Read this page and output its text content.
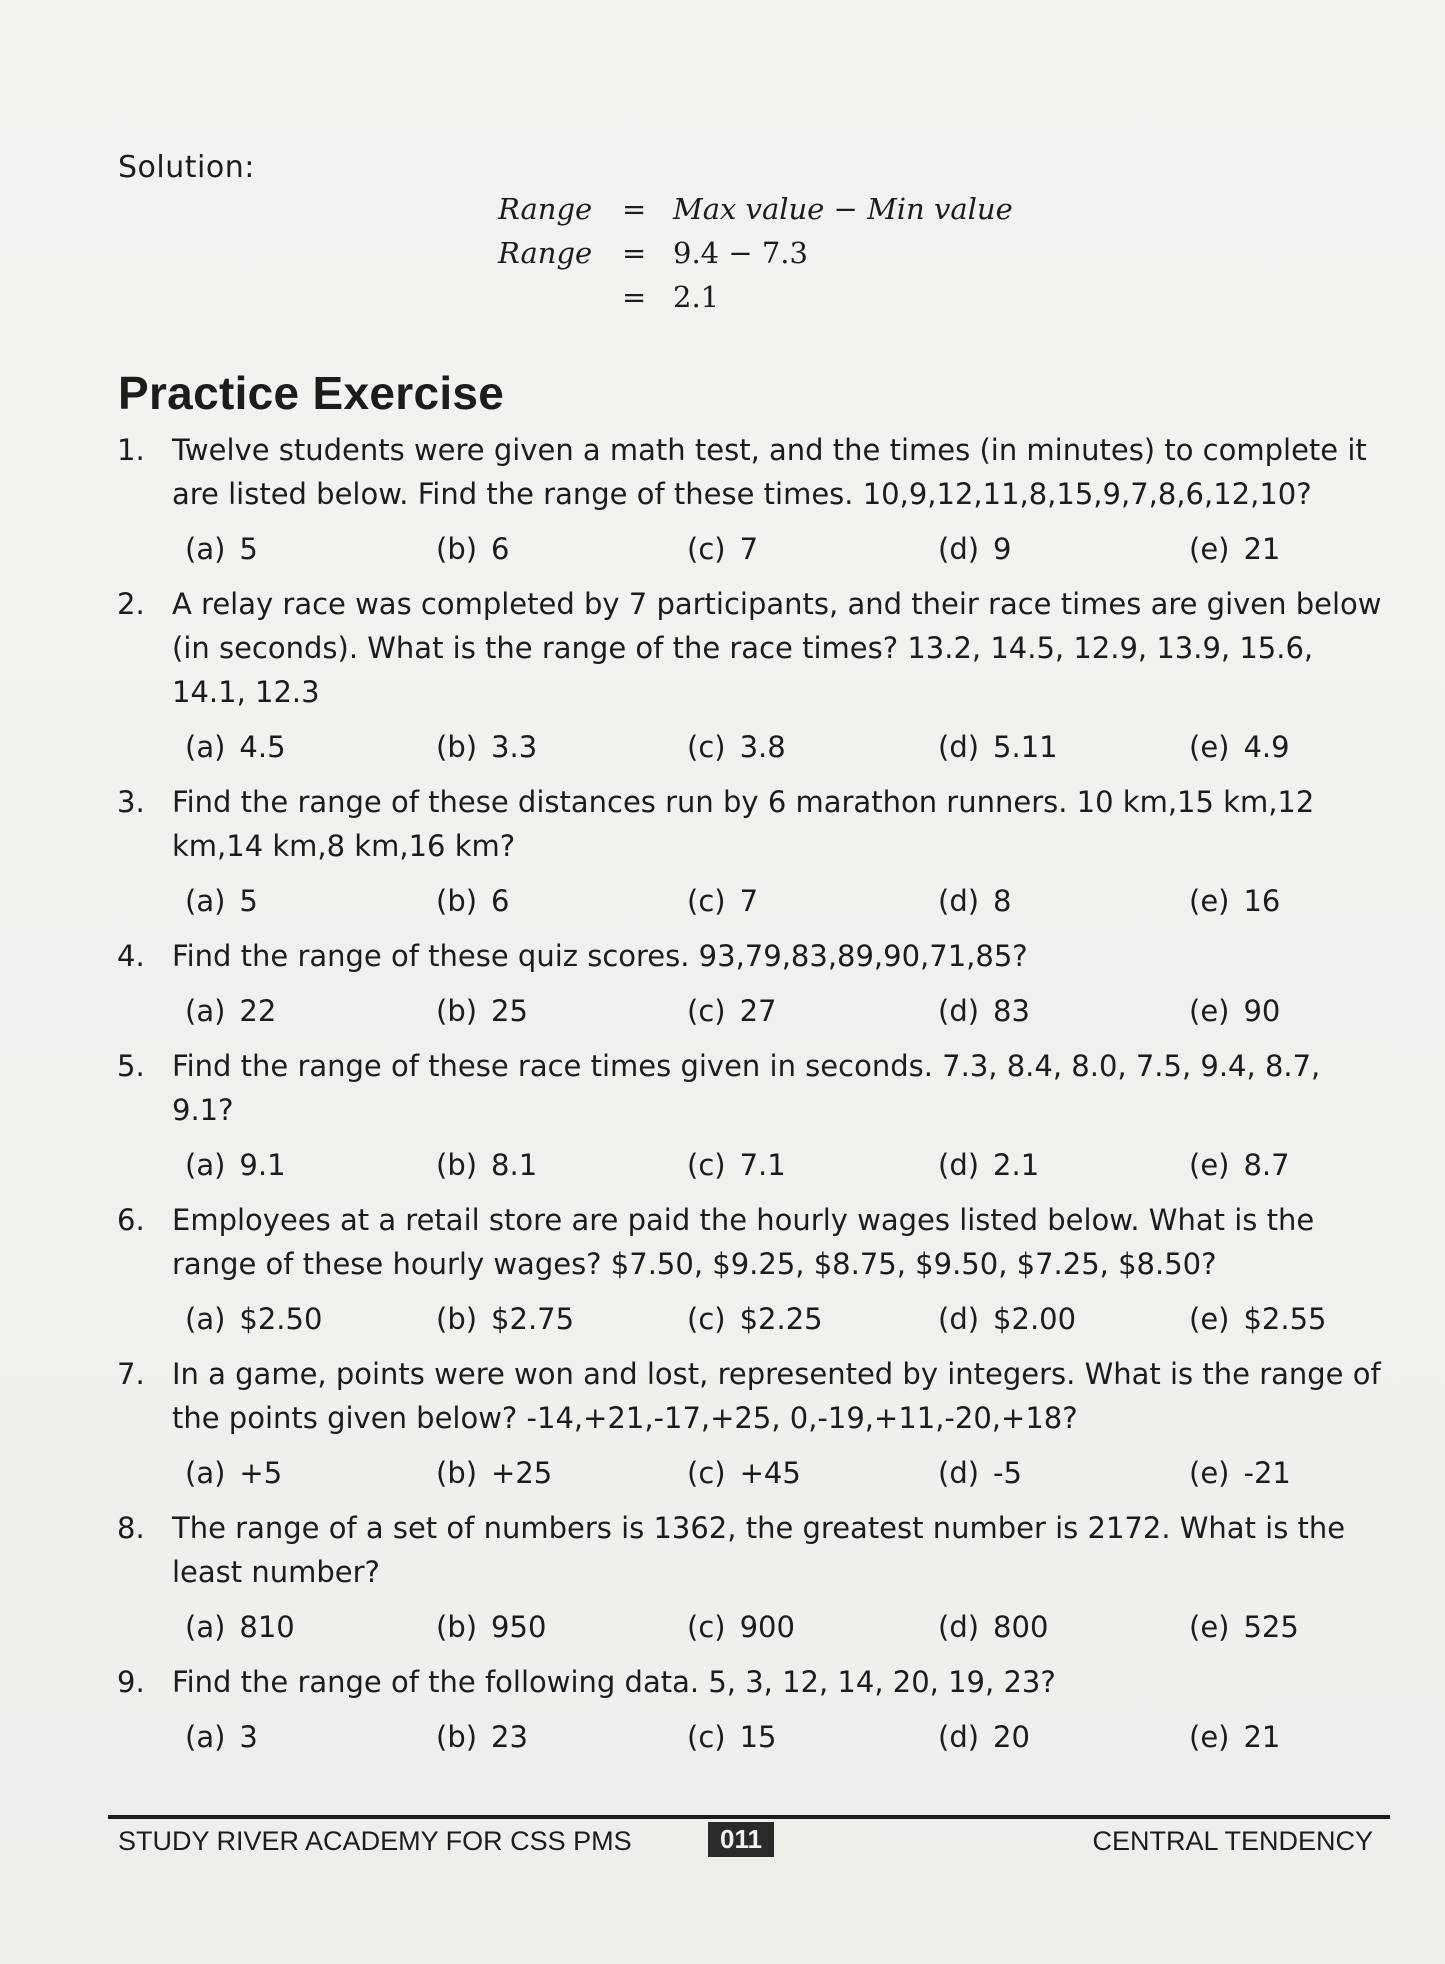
Solution:
Range = Max value − Min value
Range = 9.4 − 7.3
= 2.1
Practice Exercise
1. Twelve students were given a math test, and the times (in minutes) to complete it are listed below. Find the range of these times. 10,9,12,11,8,15,9,7,8,6,12,10?
(a) 5	(b) 6	(c) 7	(d) 9	(e) 21
2. A relay race was completed by 7 participants, and their race times are given below (in seconds). What is the range of the race times? 13.2, 14.5, 12.9, 13.9, 15.6, 14.1, 12.3
(a) 4.5	(b) 3.3	(c) 3.8	(d) 5.11	(e) 4.9
3. Find the range of these distances run by 6 marathon runners. 10 km,15 km,12 km,14 km,8 km,16 km?
(a) 5	(b) 6	(c) 7	(d) 8	(e) 16
4. Find the range of these quiz scores. 93,79,83,89,90,71,85?
(a) 22	(b) 25	(c) 27	(d) 83	(e) 90
5. Find the range of these race times given in seconds. 7.3, 8.4, 8.0, 7.5, 9.4, 8.7, 9.1?
(a) 9.1	(b) 8.1	(c) 7.1	(d) 2.1	(e) 8.7
6. Employees at a retail store are paid the hourly wages listed below. What is the range of these hourly wages? $7.50, $9.25, $8.75, $9.50, $7.25, $8.50?
(a) $2.50	(b) $2.75	(c) $2.25	(d) $2.00	(e) $2.55
7. In a game, points were won and lost, represented by integers. What is the range of the points given below? -14,+21,-17,+25, 0,-19,+11,-20,+18?
(a) +5	(b) +25	(c) +45	(d) -5	(e) -21
8. The range of a set of numbers is 1362, the greatest number is 2172. What is the least number?
(a) 810	(b) 950	(c) 900	(d) 800	(e) 525
9. Find the range of the following data. 5, 3, 12, 14, 20, 19, 23?
(a) 3	(b) 23	(c) 15	(d) 20	(e) 21
STUDY RIVER ACADEMY FOR CSS PMS	011	CENTRAL TENDENCY
